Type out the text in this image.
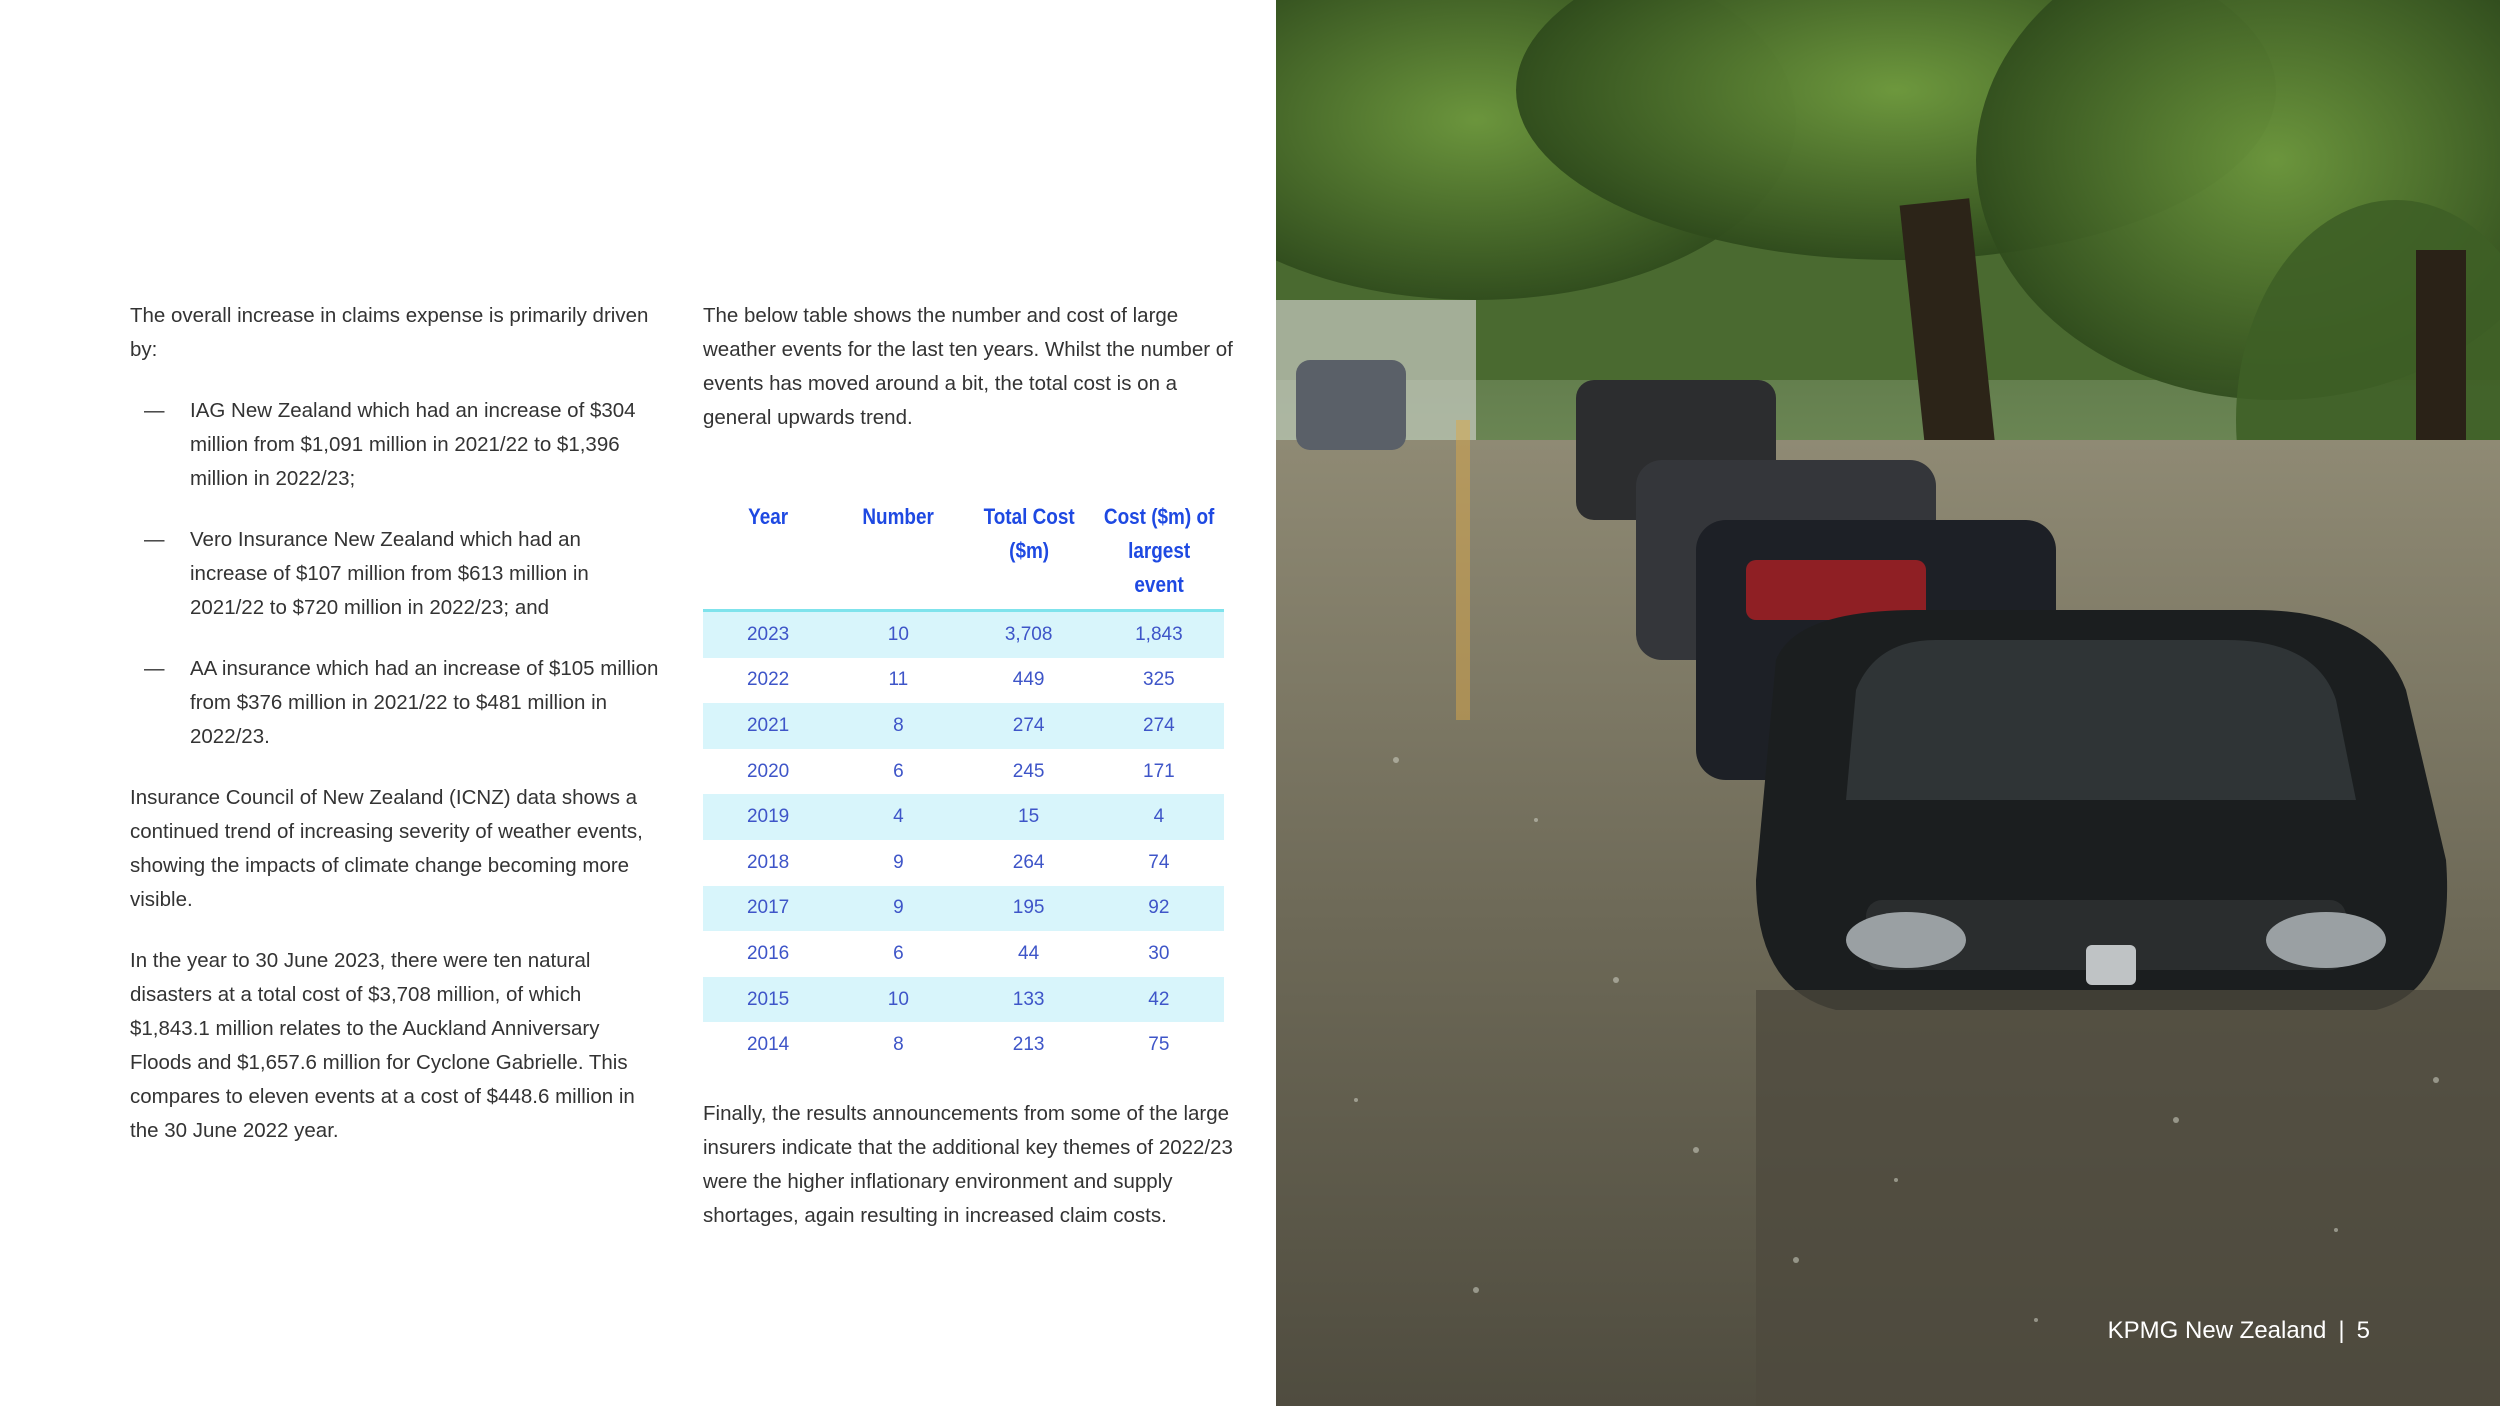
The overall increase in claims expense is primarily driven by:

— IAG New Zealand which had an increase of $304 million from $1,091 million in 2021/22 to $1,396 million in 2022/23;
— Vero Insurance New Zealand which had an increase of $107 million from $613 million in 2021/22 to $720 million in 2022/23; and
— AA insurance which had an increase of $105 million from $376 million in 2021/22 to $481 million in 2022/23.

Insurance Council of New Zealand (ICNZ) data shows a continued trend of increasing severity of weather events, showing the impacts of climate change becoming more visible.

In the year to 30 June 2023, there were ten natural disasters at a total cost of $3,708 million, of which $1,843.1 million relates to the Auckland Anniversary Floods and $1,657.6 million for Cyclone Gabrielle. This compares to eleven events at a cost of $448.6 million in the 30 June 2022 year.

The below table shows the number and cost of large weather events for the last ten years. Whilst the number of events has moved around a bit, the total cost is on a general upwards trend.

Year	Number	Total Cost ($m)	Cost ($m) of largest event
2023	10	3,708	1,843
2022	11	449	325
2021	8	274	274
2020	6	245	171
2019	4	15	4
2018	9	264	74
2017	9	195	92
2016	6	44	30
2015	10	133	42
2014	8	213	75

Finally, the results announcements from some of the large insurers indicate that the additional key themes of 2022/23 were the higher inflationary environment and supply shortages, again resulting in increased claim costs.

KPMG New Zealand | 5
